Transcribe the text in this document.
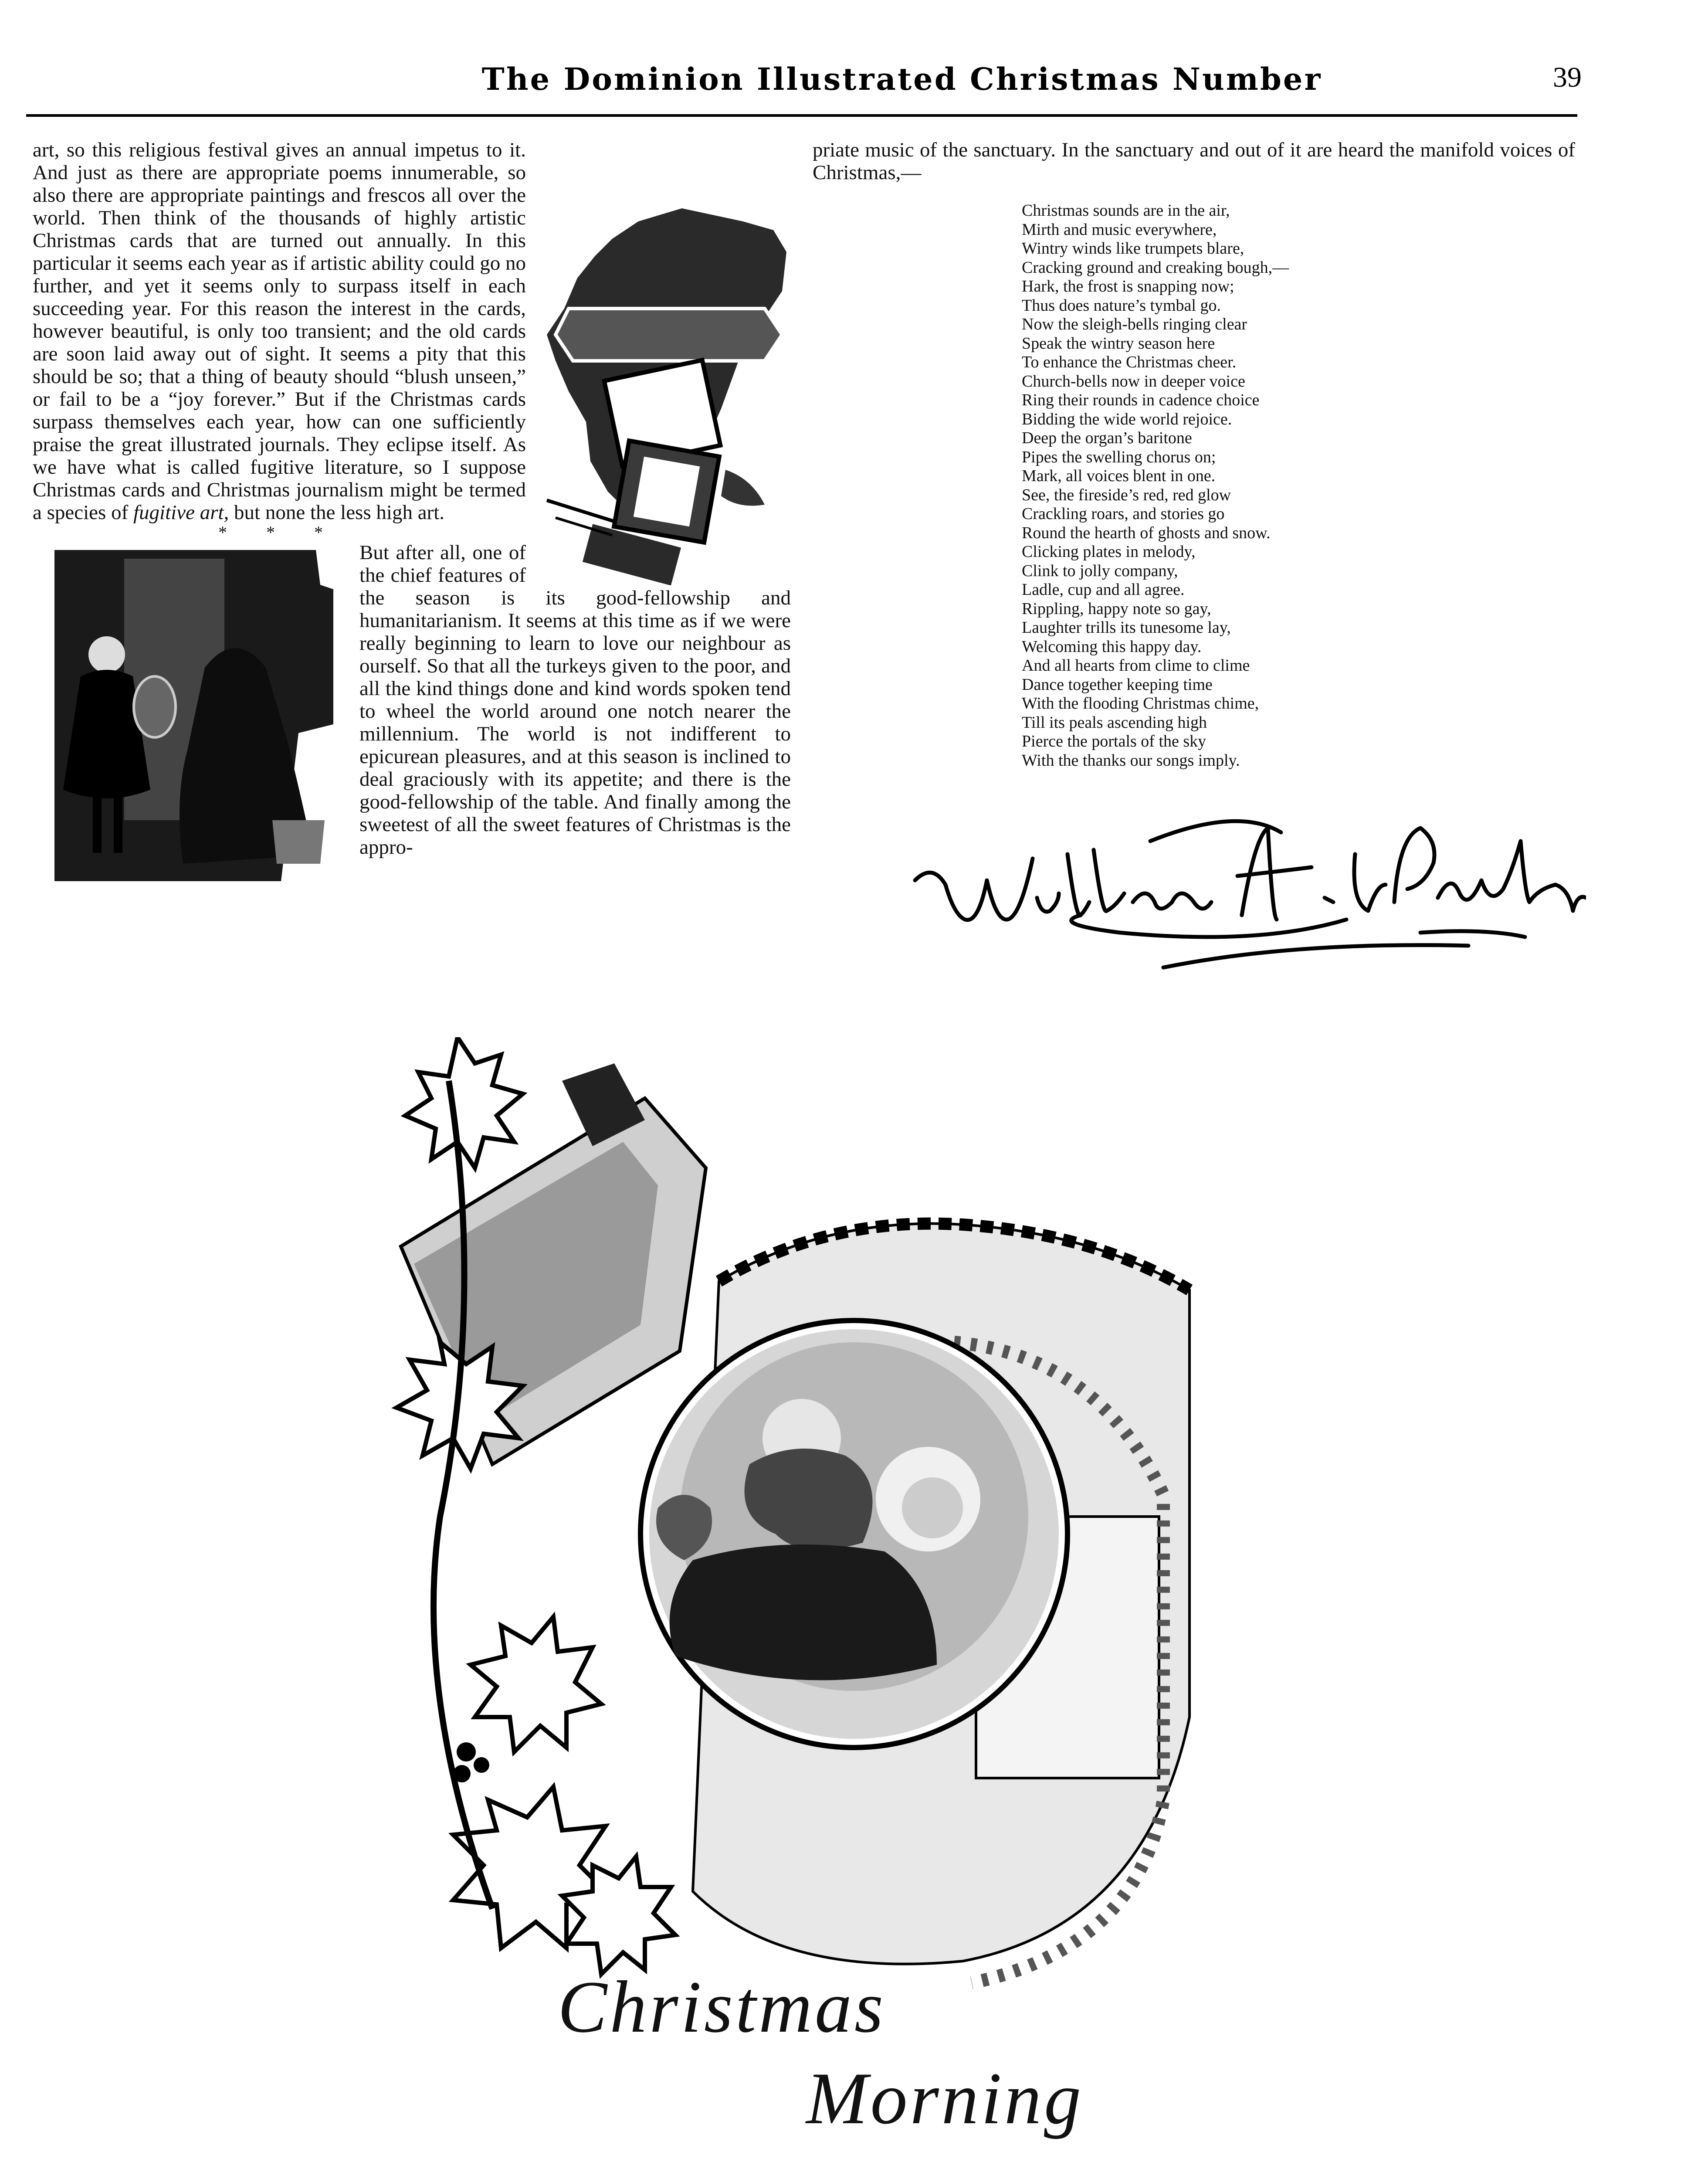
The Dominion Illustrated Christmas Number	39

art, so this religious festival gives an annual impetus to it. And just as there are appropriate poems innumerable, so also there are appropriate paintings and frescos all over the world. Then think of the thousands of highly artistic Christmas cards that are turned out annually. In this particular it seems each year as if artistic ability could go no further, and yet it seems only to surpass itself in each succeeding year. For this reason the interest in the cards, however beautiful, is only too transient; and the old cards are soon laid away out of sight. It seems a pity that this should be so; that a thing of beauty should “blush unseen,” or fail to be a “joy forever.” But if the Christmas cards surpass themselves each year, how can one sufficiently praise the great illustrated journals. They eclipse itself. As we have what is called fugitive literature, so I suppose Christmas cards and Christmas journalism might be termed a species of fugitive art, but none the less high art.

* * *

But after all, one of the chief features of the season is its good-fellowship and humanitarianism. It seems at this time as if we were really beginning to learn to love our neighbour as ourself. So that all the turkeys given to the poor, and all the kind things done and kind words spoken tend to wheel the world around one notch nearer the millennium. The world is not indifferent to epicurean pleasures, and at this season is inclined to deal graciously with its appetite; and there is the good-fellowship of the table. And finally among the sweetest of all the sweet features of Christmas is the appro-

priate music of the sanctuary. In the sanctuary and out of it are heard the manifold voices of Christmas,—
Christmas sounds are in the air,
Mirth and music everywhere,
Wintry winds like trumpets blare,
Cracking ground and creaking bough,—
Hark, the frost is snapping now;
Thus does nature’s tymbal go.
Now the sleigh-bells ringing clear
Speak the wintry season here
To enhance the Christmas cheer.
Church-bells now in deeper voice
Ring their rounds in cadence choice
Bidding the wide world rejoice.
Deep the organ’s baritone
Pipes the swelling chorus on;
Mark, all voices blent in one.
See, the fireside’s red, red glow
Crackling roars, and stories go
Round the hearth of ghosts and snow.
Clicking plates in melody,
Clink to jolly company,
Ladle, cup and all agree.
Rippling, happy note so gay,
Laughter trills its tunesome lay,
Welcoming this happy day.
And all hearts from clime to clime
Dance together keeping time
With the flooding Christmas chime,
Till its peals ascending high
Pierce the portals of the sky
With the thanks our songs imply.
Christmas
Morning
